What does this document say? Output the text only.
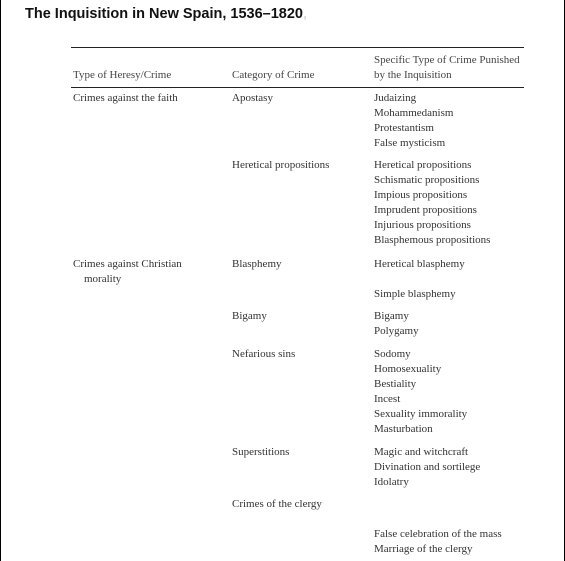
The Inquisition in New Spain, 1536–1820,
Type of Heresy/Crime	Category of Crime
Specific Type of Crime Punished
by the Inquisition
Crimes against the faith
Crimes against Christian
morality
Apostasy
Heretical propositions
Blasphemy
Bigamy
Nefarious sins
Superstitions
Crimes of the clergy
Judaizing
Mohammedanism
Protestantism
False mysticism
Heretical propositions
Schismatic propositions
Impious propositions
Imprudent propositions
Injurious propositions
Blasphemous propositions
Heretical blasphemy
Simple blasphemy
Bigamy
Polygamy
Sodomy
Homosexuality
Bestiality
Incest
Sexuality immorality
Masturbation
Magic and witchcraft
Divination and sortilege
Idolatry
False celebration of the mass
Marriage of the clergy
